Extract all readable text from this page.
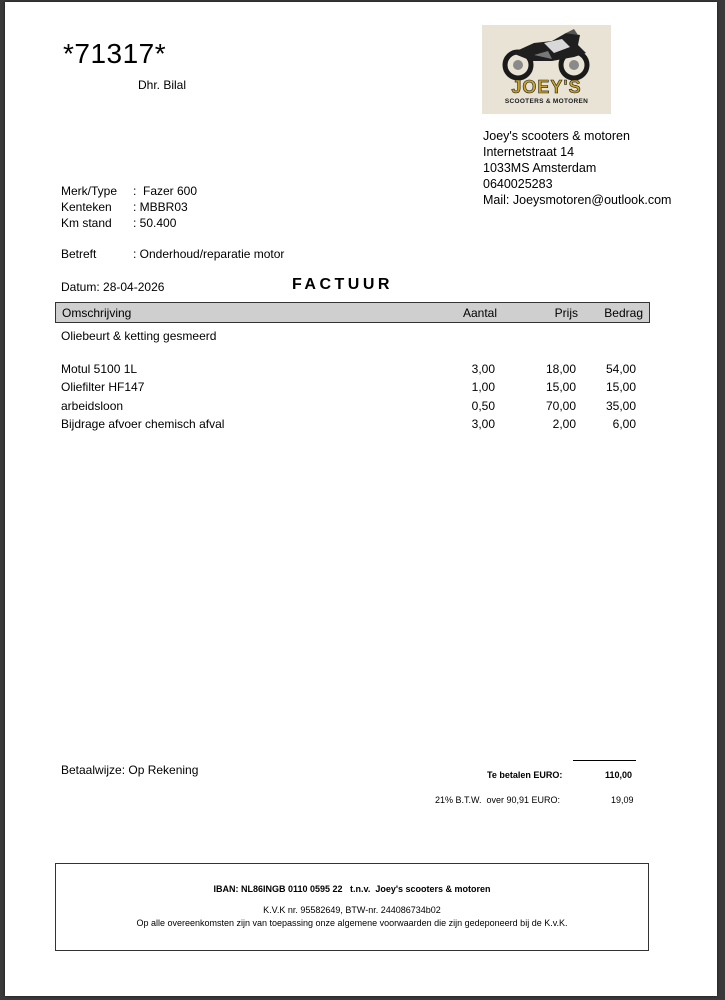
*71317*
Dhr. Bilal	JOEY'S
SCOOTERS & MOTOREN
Joey's scooters & motoren
Internetstraat 14
1033MS Amsterdam
0640025283
Mail: Joeysmotoren@outlook.com
Merk/Type	:  Fazer 600
Kenteken	: MBBR03
Km stand	: 50.400
Betreft	: Onderhoud/reparatie motor
Datum: 28-04-2026	FACTUUR
Omschrijving	Aantal	Prijs Bedrag
Oliebeurt & ketting gesmeerd
Motul 5100 1L	3,00	18,00 54,00
Oliefilter HF147	1,00	15,00 15,00
arbeidsloon	0,50	70,00 35,00
Bijdrage afvoer chemisch afval	3,00	2,00	6,00
Betaalwijze: Op Rekening	Te betalen EURO:	110,00
21% B.T.W.  over 90,91 EURO:	19,09
IBAN: NL86INGB 0110 0595 22   t.n.v.  Joey's scooters & motoren
K.V.K nr. 95582649, BTW-nr. 244086734b02
Op alle overeenkomsten zijn van toepassing onze algemene voorwaarden die zijn gedeponeerd bij de K.v.K.
